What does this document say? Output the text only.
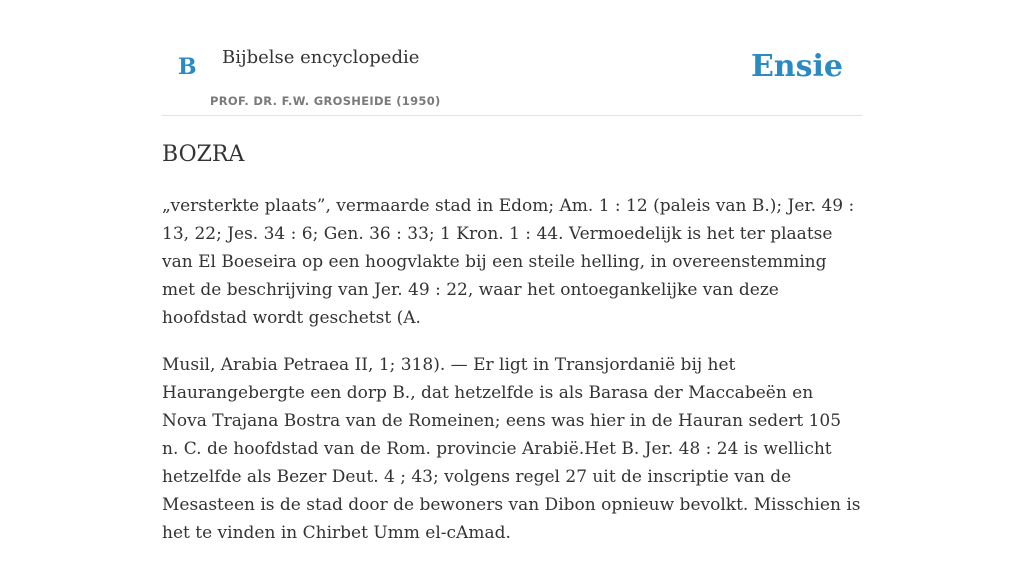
B Bijbelse encyclopedie
PROF. DR. F.W. GROSHEIDE (1950)
Ensie
BOZRA

„versterkte plaats”, vermaarde stad in Edom; Am. 1 : 12 (paleis van B.); Jer. 49 : 13, 22; Jes. 34 : 6; Gen. 36 : 33; 1 Kron. 1 : 44. Vermoedelijk is het ter plaatse van El Boeseira op een hoogvlakte bij een steile helling, in overeenstemming met de beschrijving van Jer. 49 : 22, waar het ontoegankelijke van deze hoofdstad wordt geschetst (A.

Musil, Arabia Petraea II, 1; 318). — Er ligt in Transjordanië bij het Haurangebergte een dorp B., dat hetzelfde is als Barasa der Maccabeën en Nova Trajana Bostra van de Romeinen; eens was hier in de Hauran sedert 105 n. C. de hoofdstad van de Rom. provincie Arabië.Het B. Jer. 48 : 24 is wellicht hetzelfde als Bezer Deut. 4 ; 43; volgens regel 27 uit de inscriptie van de Mesasteen is de stad door de bewoners van Dibon opnieuw bevolkt. Misschien is het te vinden in Chirbet Umm el-cAmad.
